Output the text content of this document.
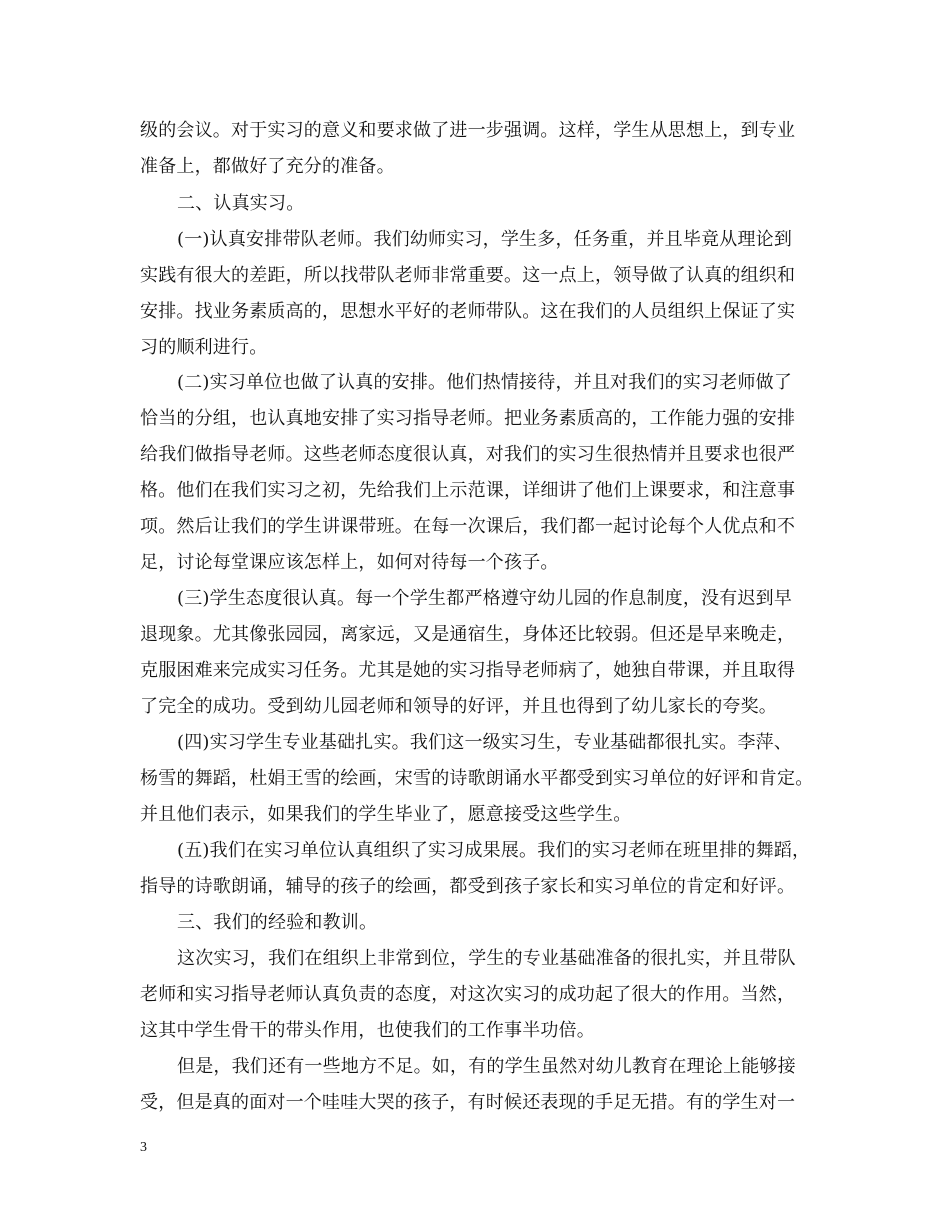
级的会议。对于实习的意义和要求做了进一步强调。这样，学生从思想上，到专业
准备上，都做好了充分的准备。
二、认真实习。
(一)认真安排带队老师。我们幼师实习，学生多，任务重，并且毕竟从理论到
实践有很大的差距，所以找带队老师非常重要。这一点上，领导做了认真的组织和
安排。找业务素质高的，思想水平好的老师带队。这在我们的人员组织上保证了实
习的顺利进行。
(二)实习单位也做了认真的安排。他们热情接待，并且对我们的实习老师做了
恰当的分组，也认真地安排了实习指导老师。把业务素质高的，工作能力强的安排
给我们做指导老师。这些老师态度很认真，对我们的实习生很热情并且要求也很严
格。他们在我们实习之初，先给我们上示范课，详细讲了他们上课要求，和注意事
项。然后让我们的学生讲课带班。在每一次课后，我们都一起讨论每个人优点和不
足，讨论每堂课应该怎样上，如何对待每一个孩子。
(三)学生态度很认真。每一个学生都严格遵守幼儿园的作息制度，没有迟到早
退现象。尤其像张园园，离家远，又是通宿生，身体还比较弱。但还是早来晚走，
克服困难来完成实习任务。尤其是她的实习指导老师病了，她独自带课，并且取得
了完全的成功。受到幼儿园老师和领导的好评，并且也得到了幼儿家长的夸奖。
(四)实习学生专业基础扎实。我们这一级实习生，专业基础都很扎实。李萍、
杨雪的舞蹈，杜娟王雪的绘画，宋雪的诗歌朗诵水平都受到实习单位的好评和肯定。
并且他们表示，如果我们的学生毕业了，愿意接受这些学生。
(五)我们在实习单位认真组织了实习成果展。我们的实习老师在班里排的舞蹈，
指导的诗歌朗诵，辅导的孩子的绘画，都受到孩子家长和实习单位的肯定和好评。
三、我们的经验和教训。
这次实习，我们在组织上非常到位，学生的专业基础准备的很扎实，并且带队
老师和实习指导老师认真负责的态度，对这次实习的成功起了很大的作用。当然，
这其中学生骨干的带头作用，也使我们的工作事半功倍。
但是，我们还有一些地方不足。如，有的学生虽然对幼儿教育在理论上能够接
受，但是真的面对一个哇哇大哭的孩子，有时候还表现的手足无措。有的学生对一
3
